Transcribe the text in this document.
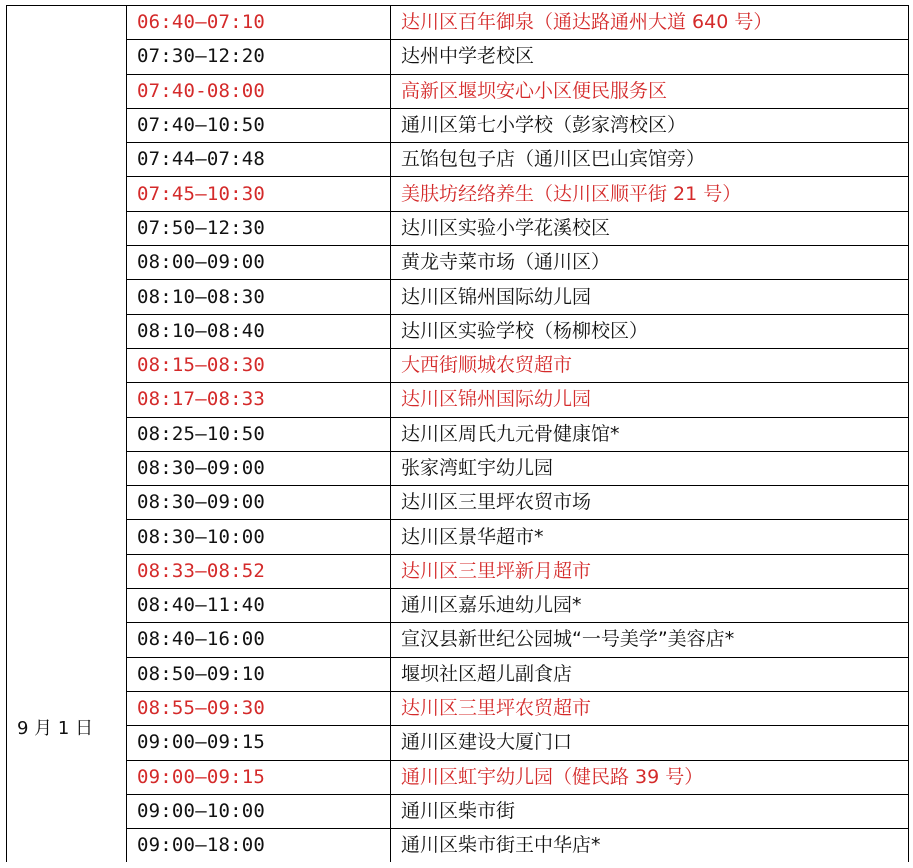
9 月 1 日	06:40—07:10	达川区百年御泉（通达路通州大道 640 号）
	07:30—12:20	达州中学老校区
	07:40-08:00	高新区堰坝安心小区便民服务区
	07:40—10:50	通川区第七小学校（彭家湾校区）
	07:44—07:48	五馅包包子店（通川区巴山宾馆旁）
	07:45—10:30	美肤坊经络养生（达川区顺平街 21 号）
	07:50—12:30	达川区实验小学花溪校区
	08:00—09:00	黄龙寺菜市场（通川区）
	08:10—08:30	达川区锦州国际幼儿园
	08:10—08:40	达川区实验学校（杨柳校区）
	08:15—08:30	大西街顺城农贸超市
	08:17—08:33	达川区锦州国际幼儿园
	08:25—10:50	达川区周氏九元骨健康馆*
	08:30—09:00	张家湾虹宇幼儿园
	08:30—09:00	达川区三里坪农贸市场
	08:30—10:00	达川区景华超市*
	08:33—08:52	达川区三里坪新月超市
	08:40—11:40	通川区嘉乐迪幼儿园*
	08:40—16:00	宣汉县新世纪公园城“一号美学”美容店*
	08:50—09:10	堰坝社区超儿副食店
	08:55—09:30	达川区三里坪农贸超市
	09:00—09:15	通川区建设大厦门口
	09:00—09:15	通川区虹宇幼儿园（健民路 39 号）
	09:00—10:00	通川区柴市街
	09:00—18:00	通川区柴市街王中华店*
